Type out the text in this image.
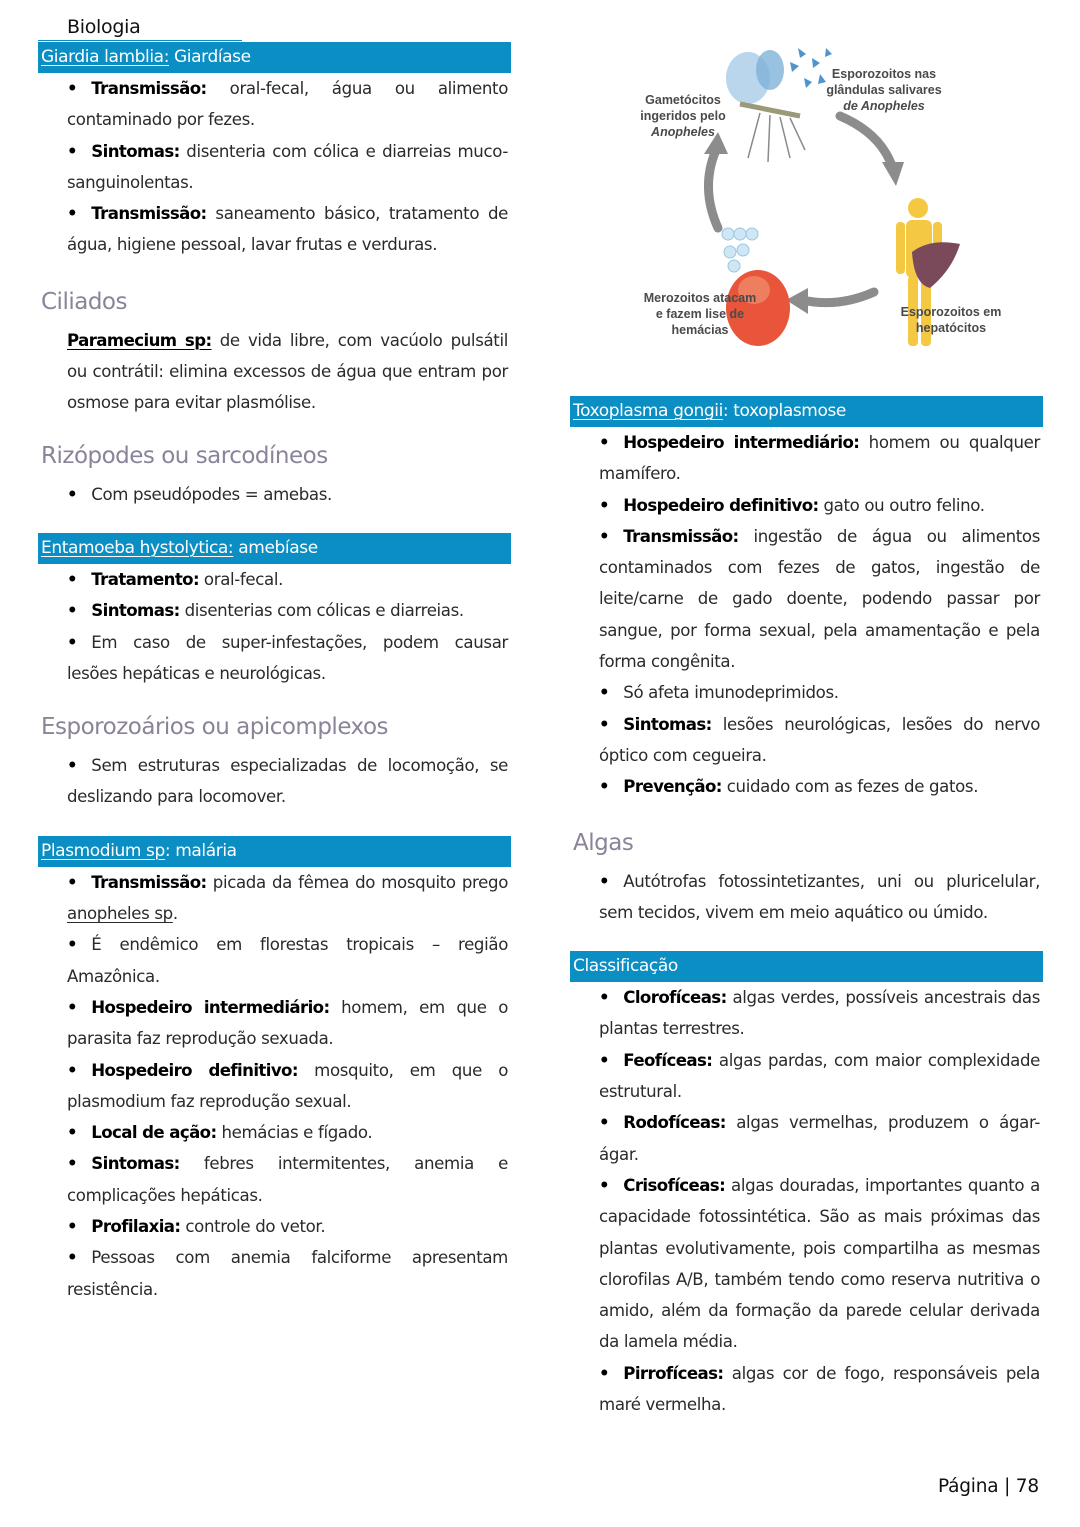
Biologia
Giardia lamblia: Giardíase
• Transmissão: oral-fecal, água ou alimento contaminado por fezes.
• Sintomas: disenteria com cólica e diarreias muco-sanguinolentas.
• Transmissão: saneamento básico, tratamento de água, higiene pessoal, lavar frutas e verduras.
Ciliados

Paramecium sp: de vida libre, com vacúolo pulsátil ou contrátil: elimina excessos de água que entram por osmose para evitar plasmólise.

Rizópodes ou sarcodíneos
• Com pseudópodes = amebas.
Entamoeba hystolytica: amebíase
• Tratamento: oral-fecal.
• Sintomas: disenterias com cólicas e diarreias.
• Em caso de super-infestações, podem causar lesões hepáticas e neurológicas.
Esporozoários ou apicomplexos
• Sem estruturas especializadas de locomoção, se deslizando para locomover.
Plasmodium sp: malária
• Transmissão: picada da fêmea do mosquito prego anopheles sp.
• É endêmico em florestas tropicais – região Amazônica.
• Hospedeiro intermediário: homem, em que o parasita faz reprodução sexuada.
• Hospedeiro definitivo: mosquito, em que o plasmodium faz reprodução sexual.
• Local de ação: hemácias e fígado.
• Sintomas: febres intermitentes, anemia e complicações hepáticas.
• Profilaxia: controle do vetor.
• Pessoas com anemia falciforme apresentam resistência.
Gametócitos
ingeridos pelo
Anopheles
Esporozoitos nas
glândulas salivares
de Anopheles
Merozoitos atacam
e fazem lise de
hemácias
Esporozoitos em
hepatócitos
Toxoplasma gongii: toxoplasmose
• Hospedeiro intermediário: homem ou qualquer mamífero.
• Hospedeiro definitivo: gato ou outro felino.
• Transmissão: ingestão de água ou alimentos contaminados com fezes de gatos, ingestão de leite/carne de gado doente, podendo passar por sangue, por forma sexual, pela amamentação e pela forma congênita.
• Só afeta imunodeprimidos.
• Sintomas: lesões neurológicas, lesões do nervo óptico com cegueira.
• Prevenção: cuidado com as fezes de gatos.
Algas
• Autótrofas fotossintetizantes, uni ou pluricelular, sem tecidos, vivem em meio aquático ou úmido.
Classificação
• Clorofíceas: algas verdes, possíveis ancestrais das plantas terrestres.
• Feofíceas: algas pardas, com maior complexidade estrutural.
• Rodofíceas: algas vermelhas, produzem o ágar-ágar.
• Crisofíceas: algas douradas, importantes quanto a capacidade fotossintética. São as mais próximas das plantas evolutivamente, pois compartilha as mesmas clorofilas A/B, também tendo como reserva nutritiva o amido, além da formação da parede celular derivada da lamela média.
• Pirrofíceas: algas cor de fogo, responsáveis pela maré vermelha.
Página | 78
